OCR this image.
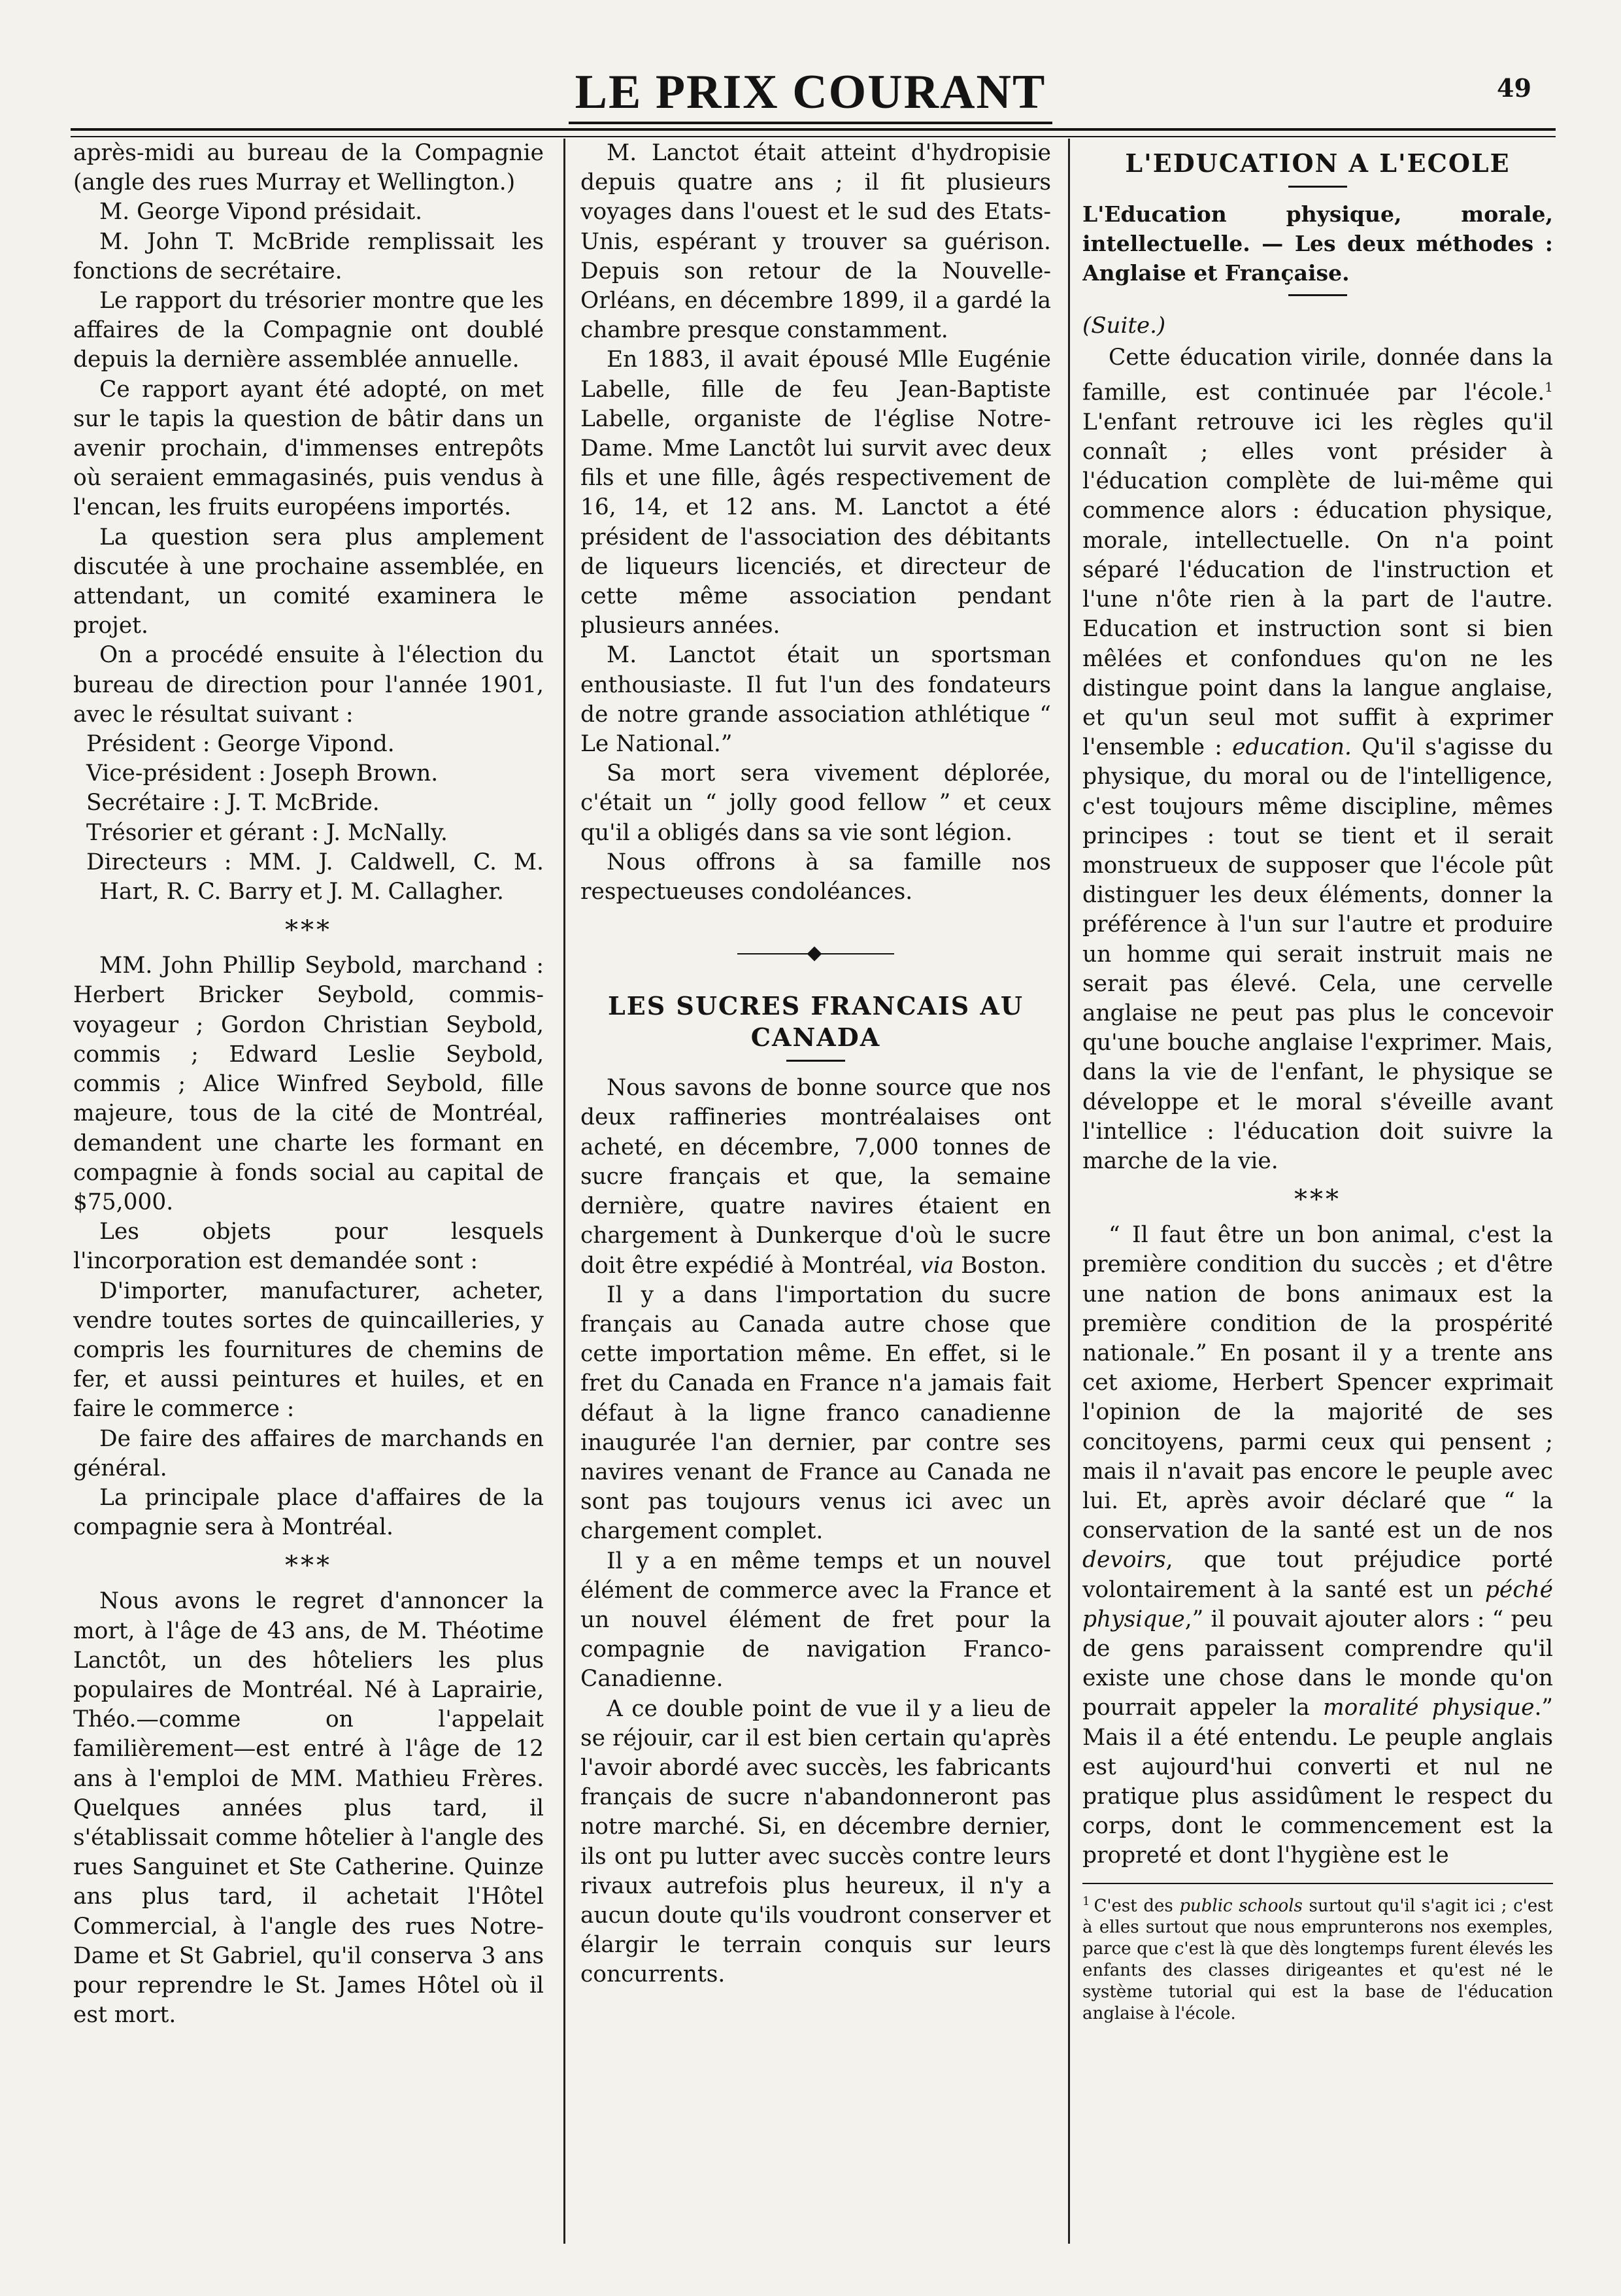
LE PRIX COURANT	49

après-midi au bureau de la Compagnie (angle des rues Murray et Wellington.)

M. George Vipond présidait.

M. John T. McBride remplissait les fonctions de secrétaire.

Le rapport du trésorier montre que les affaires de la Compagnie ont doublé depuis la dernière assemblée annuelle.

Ce rapport ayant été adopté, on met sur le tapis la question de bâtir dans un avenir prochain, d'immenses entrepôts où seraient emmagasinés, puis vendus à l'encan, les fruits européens importés.

La question sera plus amplement discutée à une prochaine assemblée, en attendant, un comité examinera le projet.

On a procédé ensuite à l'élection du bureau de direction pour l'année 1901, avec le résultat suivant :

Président : George Vipond.

Vice-président : Joseph Brown.

Secrétaire : J. T. McBride.

Trésorier et gérant : J. McNally.

Directeurs : MM. J. Caldwell, C. M. Hart, R. C. Barry et J. M. Callagher.

***

MM. John Phillip Seybold, marchand : Herbert Bricker Seybold, commis-voyageur ; Gordon Christian Seybold, commis ; Edward Leslie Seybold, commis ; Alice Winfred Seybold, fille majeure, tous de la cité de Montréal, demandent une charte les formant en compagnie à fonds social au capital de $75,000.

Les objets pour lesquels l'incorporation est demandée sont :

D'importer, manufacturer, acheter, vendre toutes sortes de quincailleries, y compris les fournitures de chemins de fer, et aussi peintures et huiles, et en faire le commerce :

De faire des affaires de marchands en général.

La principale place d'affaires de la compagnie sera à Montréal.

***

Nous avons le regret d'annoncer la mort, à l'âge de 43 ans, de M. Théotime Lanctôt, un des hôteliers les plus populaires de Montréal. Né à Laprairie, Théo.—comme on l'appelait familièrement—est entré à l'âge de 12 ans à l'emploi de MM. Mathieu Frères. Quelques années plus tard, il s'établissait comme hôtelier à l'angle des rues Sanguinet et Ste Catherine. Quinze ans plus tard, il achetait l'Hôtel Commercial, à l'angle des rues Notre-Dame et St Gabriel, qu'il conserva 3 ans pour reprendre le St. James Hôtel où il est mort.

M. Lanctot était atteint d'hydropisie depuis quatre ans ; il fit plusieurs voyages dans l'ouest et le sud des Etats-Unis, espérant y trouver sa guérison. Depuis son retour de la Nouvelle-Orléans, en décembre 1899, il a gardé la chambre presque constamment.

En 1883, il avait épousé Mlle Eugénie Labelle, fille de feu Jean-Baptiste Labelle, organiste de l'église Notre-Dame. Mme Lanctôt lui survit avec deux fils et une fille, âgés respectivement de 16, 14, et 12 ans. M. Lanctot a été président de l'association des débitants de liqueurs licenciés, et directeur de cette même association pendant plusieurs années.

M. Lanctot était un sportsman enthousiaste. Il fut l'un des fondateurs de notre grande association athlétique “ Le National.”

Sa mort sera vivement déplorée, c'était un “ jolly good fellow ” et ceux qu'il a obligés dans sa vie sont légion.

Nous offrons à sa famille nos respectueuses condoléances.

LES SUCRES FRANCAIS AU CANADA

Nous savons de bonne source que nos deux raffineries montréalaises ont acheté, en décembre, 7,000 tonnes de sucre français et que, la semaine dernière, quatre navires étaient en chargement à Dunkerque d'où le sucre doit être expédié à Montréal, via Boston.

Il y a dans l'importation du sucre français au Canada autre chose que cette importation même. En effet, si le fret du Canada en France n'a jamais fait défaut à la ligne franco canadienne inaugurée l'an dernier, par contre ses navires venant de France au Canada ne sont pas toujours venus ici avec un chargement complet.

Il y a en même temps et un nouvel élément de commerce avec la France et un nouvel élément de fret pour la compagnie de navigation Franco-Canadienne.

A ce double point de vue il y a lieu de se réjouir, car il est bien certain qu'après l'avoir abordé avec succès, les fabricants français de sucre n'abandonneront pas notre marché. Si, en décembre dernier, ils ont pu lutter avec succès contre leurs rivaux autrefois plus heureux, il n'y a aucun doute qu'ils voudront conserver et élargir le terrain conquis sur leurs concurrents.

L'EDUCATION A L'ECOLE

L'Education physique, morale, intellectuelle. — Les deux méthodes : Anglaise et Française.

(Suite.)

Cette éducation virile, donnée dans la famille, est continuée par l'école.$^1$ L'enfant retrouve ici les règles qu'il connaît ; elles vont présider à l'éducation complète de lui-même qui commence alors : éducation physique, morale, intellectuelle. On n'a point séparé l'éducation de l'instruction et l'une n'ôte rien à la part de l'autre. Education et instruction sont si bien mêlées et confondues qu'on ne les distingue point dans la langue anglaise, et qu'un seul mot suffit à exprimer l'ensemble : education. Qu'il s'agisse du physique, du moral ou de l'intelligence, c'est toujours même discipline, mêmes principes : tout se tient et il serait monstrueux de supposer que l'école pût distinguer les deux éléments, donner la préférence à l'un sur l'autre et produire un homme qui serait instruit mais ne serait pas élevé. Cela, une cervelle anglaise ne peut pas plus le concevoir qu'une bouche anglaise l'exprimer. Mais, dans la vie de l'enfant, le physique se développe et le moral s'éveille avant l'intellice : l'éducation doit suivre la marche de la vie.

***

“ Il faut être un bon animal, c'est la première condition du succès ; et d'être une nation de bons animaux est la première condition de la prospérité nationale.” En posant il y a trente ans cet axiome, Herbert Spencer exprimait l'opinion de la majorité de ses concitoyens, parmi ceux qui pensent ; mais il n'avait pas encore le peuple avec lui. Et, après avoir déclaré que “ la conservation de la santé est un de nos devoirs, que tout préjudice porté volontairement à la santé est un péché physique,” il pouvait ajouter alors : “ peu de gens paraissent comprendre qu'il existe une chose dans le monde qu'on pourrait appeler la moralité physique.” Mais il a été entendu. Le peuple anglais est aujourd'hui converti et nul ne pratique plus assidûment le respect du corps, dont le commencement est la propreté et dont l'hygiène est le

$^1$ C'est des public schools surtout qu'il s'agit ici ; c'est à elles surtout que nous emprunterons nos exemples, parce que c'est là que dès longtemps furent élevés les enfants des classes dirigeantes et qu'est né le système tutorial qui est la base de l'éducation anglaise à l'école.
